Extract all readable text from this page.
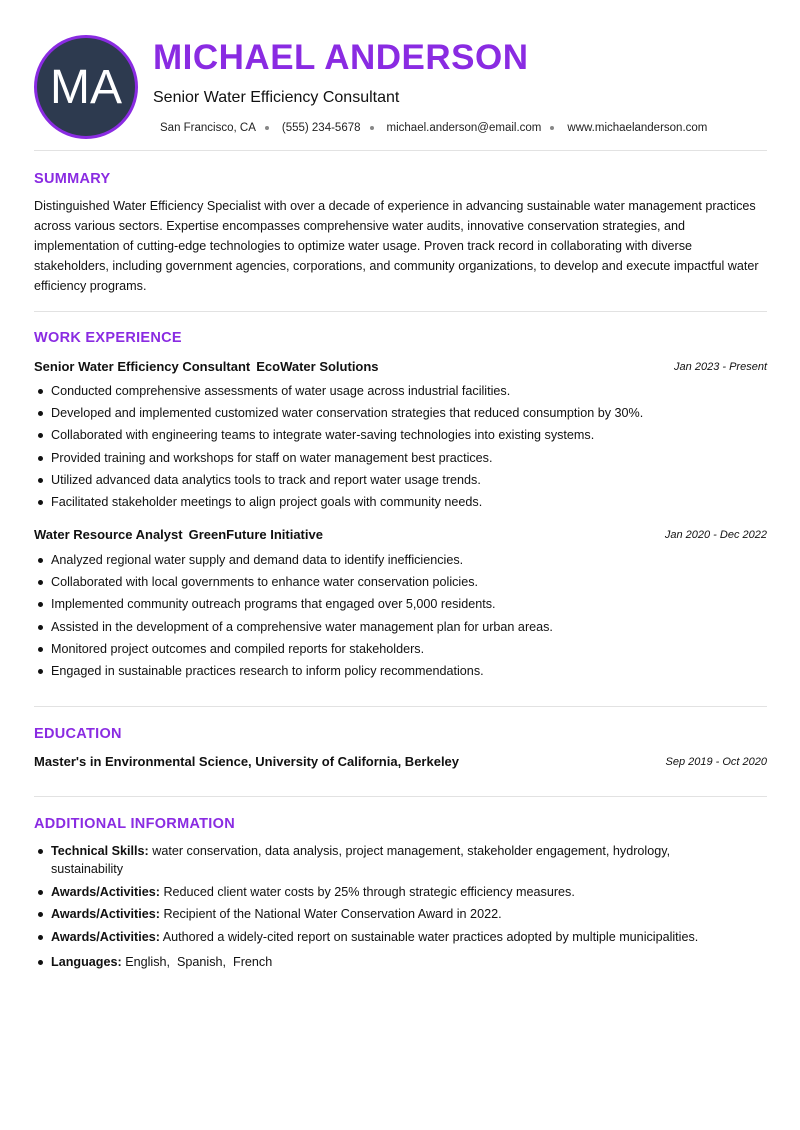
MA
MICHAEL ANDERSON
Senior Water Efficiency Consultant
San Francisco, CA (555) 234-5678 michael.anderson@email.com www.michaelanderson.com
SUMMARY

Distinguished Water Efficiency Specialist with over a decade of experience in advancing sustainable water management practices across various sectors. Expertise encompasses comprehensive water audits, innovative conservation strategies, and implementation of cutting-edge technologies to optimize water usage. Proven track record in collaborating with diverse stakeholders, including government agencies, corporations, and community organizations, to develop and execute impactful water efficiency programs.

WORK EXPERIENCE
Senior Water Efficiency Consultant EcoWater Solutions	Jan 2023 - Present
Conducted comprehensive assessments of water usage across industrial facilities.
Developed and implemented customized water conservation strategies that reduced consumption by 30%.
Collaborated with engineering teams to integrate water-saving technologies into existing systems.
Provided training and workshops for staff on water management best practices.
Utilized advanced data analytics tools to track and report water usage trends.
Facilitated stakeholder meetings to align project goals with community needs.
Water Resource Analyst GreenFuture Initiative	Jan 2020 - Dec 2022
Analyzed regional water supply and demand data to identify inefficiencies.
Collaborated with local governments to enhance water conservation policies.
Implemented community outreach programs that engaged over 5,000 residents.
Assisted in the development of a comprehensive water management plan for urban areas.
Monitored project outcomes and compiled reports for stakeholders.
Engaged in sustainable practices research to inform policy recommendations.
EDUCATION
Master's in Environmental Science, University of California, Berkeley	Sep 2019 - Oct 2020
ADDITIONAL INFORMATION
Technical Skills: water conservation, data analysis, project management, stakeholder engagement, hydrology, sustainability
Awards/Activities: Reduced client water costs by 25% through strategic efficiency measures.
Awards/Activities: Recipient of the National Water Conservation Award in 2022.
Awards/Activities: Authored a widely-cited report on sustainable water practices adopted by multiple municipalities.
Languages: English,  Spanish,  French
